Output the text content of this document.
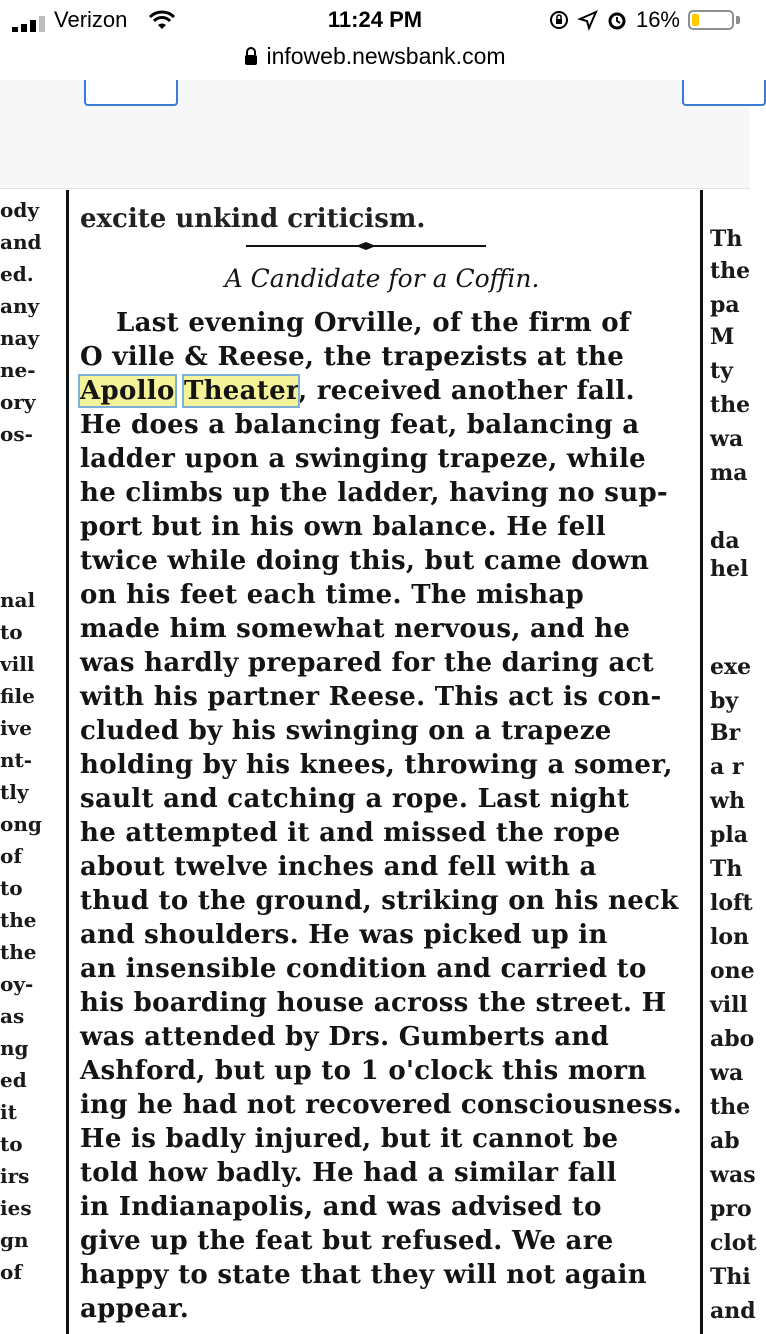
Verizon	11:24 PM	16%
infoweb.newsbank.com
ody
and
ed.
any
nay
ne-
ory
os-
nal
to
vill
file
ive
nt-
tly
ong
of
to
the
the
oy-
as
ng
ed
it
to
irs
ies
gn
of
excite unkind criticism.
A Candidate for a Coffin.
Last evening Orville, of the firm of
O ville & Reese, the trapezists at the
Apollo Theater, received another fall.
He does a balancing feat, balancing a
ladder upon a swinging trapeze, while
he climbs up the ladder, having no sup-
port but in his own balance. He fell
twice while doing this, but came down
on his feet each time. The mishap
made him somewhat nervous, and he
was hardly prepared for the daring act
with his partner Reese. This act is con-
cluded by his swinging on a trapeze
holding by his knees, throwing a somer,
sault and catching a rope. Last night
he attempted it and missed the rope
about twelve inches and fell with a
thud to the ground, striking on his neck
and shoulders. He was picked up in
an insensible condition and carried to
his boarding house across the street. H
was attended by Drs. Gumberts and
Ashford, but up to 1 o'clock this morn
ing he had not recovered consciousness.
He is badly injured, but it cannot be
told how badly. He had a similar fall
in Indianapolis, and was advised to
give up the feat but refused. We are
happy to state that they will not again
appear.
Th
the
pa
M
ty
the
wa
ma
da
hel
exe
by
Br
a r
wh
pla
Th
loft
lon
one
vill
abo
wa
the
ab
was
pro
clot
Thi
and
